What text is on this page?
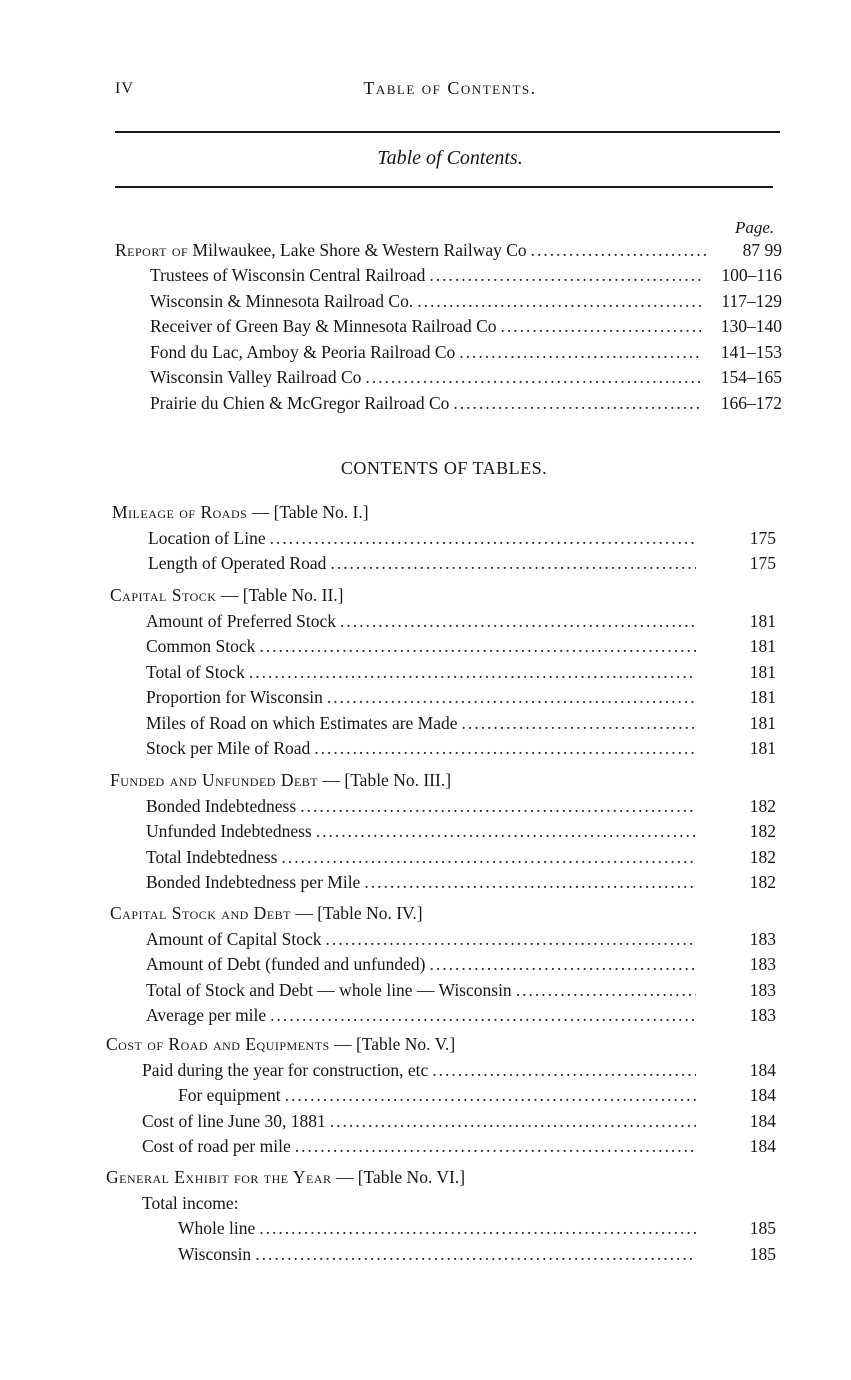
IV	Table of Contents.
Table of Contents.
Page.
Report of Milwaukee, Lake Shore & Western Railway Co .....	87 99
Trustees of Wisconsin Central Railroad .....	100–116
Wisconsin & Minnesota Railroad Co. .....	117–129
Receiver of Green Bay & Minnesota Railroad Co .....	130–140
Fond du Lac, Amboy & Peoria Railroad Co .....	141–153
Wisconsin Valley Railroad Co .....	154–165
Prairie du Chien & McGregor Railroad Co .....	166–172
CONTENTS OF TABLES.
Mileage of Roads — [Table No. I.]
Location of Line .....	175
Length of Operated Road .....	175
Capital Stock — [Table No. II.]
Amount of Preferred Stock .....	181
Common Stock .....	181
Total of Stock .....	181
Proportion for Wisconsin .....	181
Miles of Road on which Estimates are Made .....	181
Stock per Mile of Road .....	181
Funded and Unfunded Debt — [Table No. III.]
Bonded Indebtedness .....	182
Unfunded Indebtedness .....	182
Total Indebtedness .....	182
Bonded Indebtedness per Mile .....	182
Capital Stock and Debt — [Table No. IV.]
Amount of Capital Stock .....	183
Amount of Debt (funded and unfunded) .....	183
Total of Stock and Debt — whole line — Wisconsin .....	183
Average per mile .....	183
Cost of Road and Equipments — [Table No. V.]
Paid during the year for construction, etc .....	184
For equipment .....	184
Cost of line June 30, 1881 .....	184
Cost of road per mile .....	184
General Exhibit for the Year — [Table No. VI.]
Total income:
Whole line .....	185
Wisconsin .....	185
